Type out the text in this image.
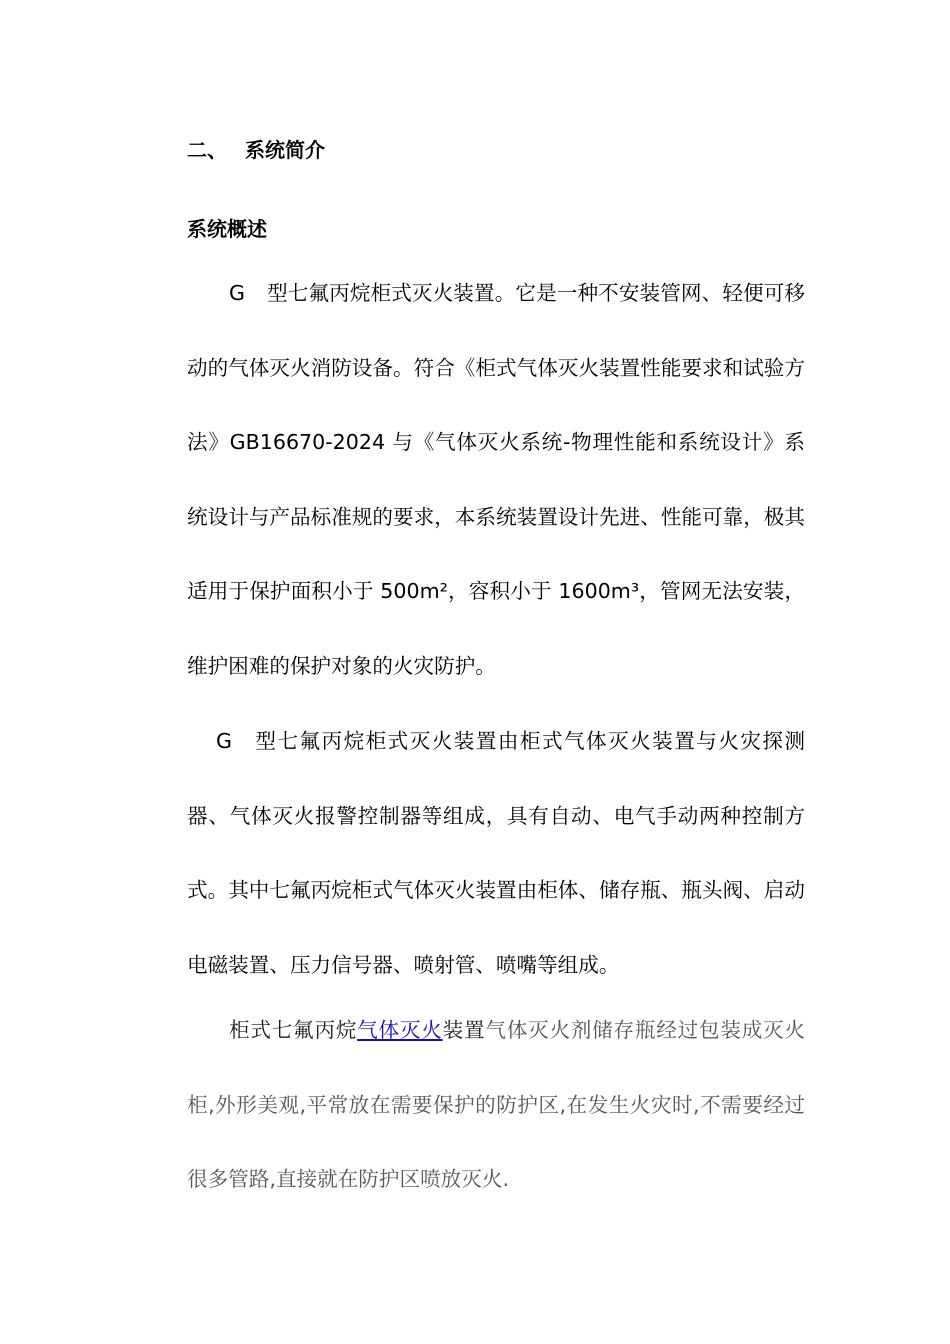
二、 系统简介
系统概述

G 型七氟丙烷柜式灭火装置。它是一种不安装管网、轻便可移动的气体灭火消防设备。符合《柜式气体灭火装置性能要求和试验方法》GB16670-2024 与《气体灭火系统-物理性能和系统设计》系统设计与产品标准规的要求，本系统装置设计先进、性能可靠，极其适用于保护面积小于 500m²，容积小于 1600m³，管网无法安装，维护困难的保护对象的火灾防护。

G 型七氟丙烷柜式灭火装置由柜式气体灭火装置与火灾探测器、气体灭火报警控制器等组成，具有自动、电气手动两种控制方式。其中七氟丙烷柜式气体灭火装置由柜体、储存瓶、瓶头阀、启动电磁装置、压力信号器、喷射管、喷嘴等组成。

柜式七氟丙烷气体灭火装置气体灭火剂储存瓶经过包装成灭火柜,外形美观,平常放在需要保护的防护区,在发生火灾时,不需要经过很多管路,直接就在防护区喷放灭火.
